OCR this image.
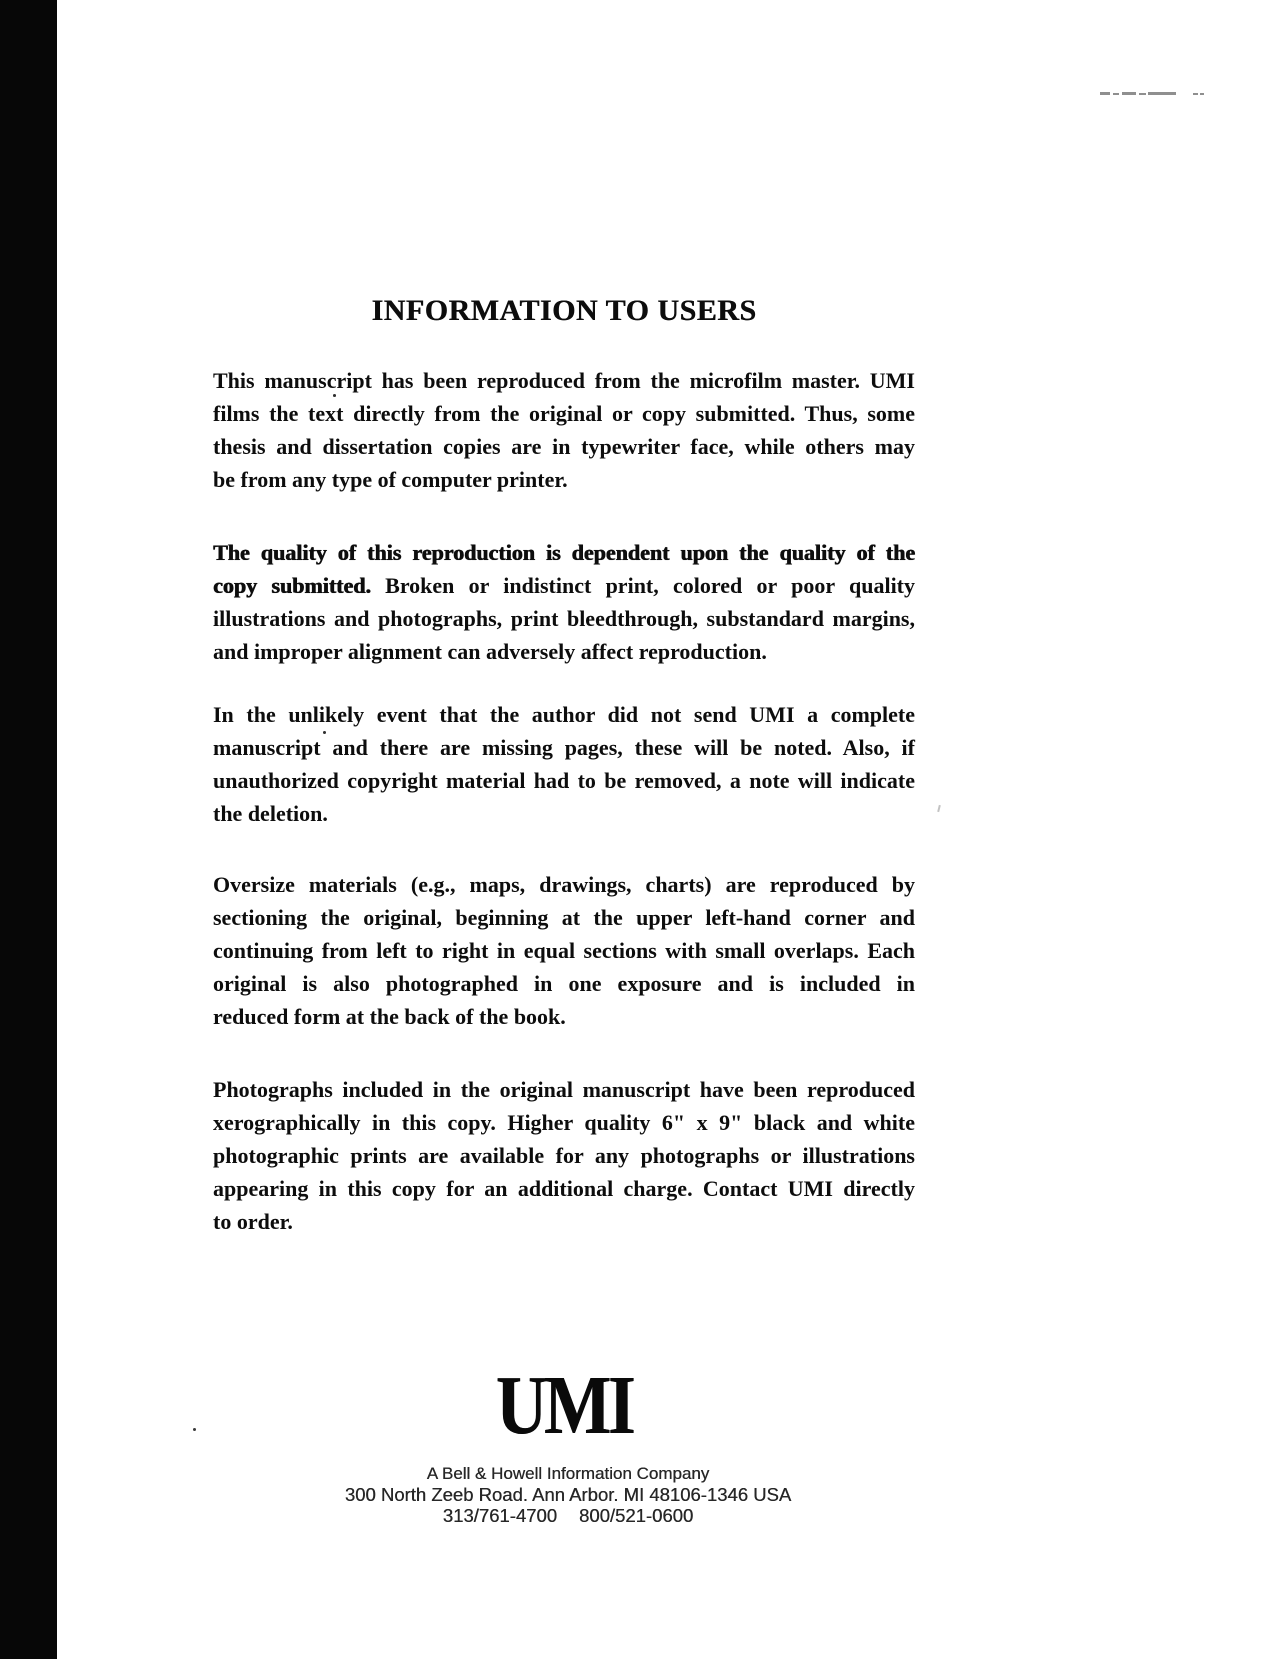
INFORMATION TO USERS
This manuscript has been reproduced from the microfilm master. UMI
films the text directly from the original or copy submitted. Thus, some
thesis and dissertation copies are in typewriter face, while others may
be from any type of computer printer.
The quality of this reproduction is dependent upon the quality of the
copy submitted. Broken or indistinct print, colored or poor quality
illustrations and photographs, print bleedthrough, substandard margins,
and improper alignment can adversely affect reproduction.
In the unlikely event that the author did not send UMI a complete
manuscript and there are missing pages, these will be noted. Also, if
unauthorized copyright material had to be removed, a note will indicate
the deletion.
Oversize materials (e.g., maps, drawings, charts) are reproduced by
sectioning the original, beginning at the upper left-hand corner and
continuing from left to right in equal sections with small overlaps. Each
original is also photographed in one exposure and is included in
reduced form at the back of the book.
Photographs included in the original manuscript have been reproduced
xerographically in this copy. Higher quality 6" x 9" black and white
photographic prints are available for any photographs or illustrations
appearing in this copy for an additional charge. Contact UMI directly
to order.
UMI
A Bell & Howell Information Company
300 North Zeeb Road. Ann Arbor. MI 48106-1346 USA
313/761-4700 800/521-0600
